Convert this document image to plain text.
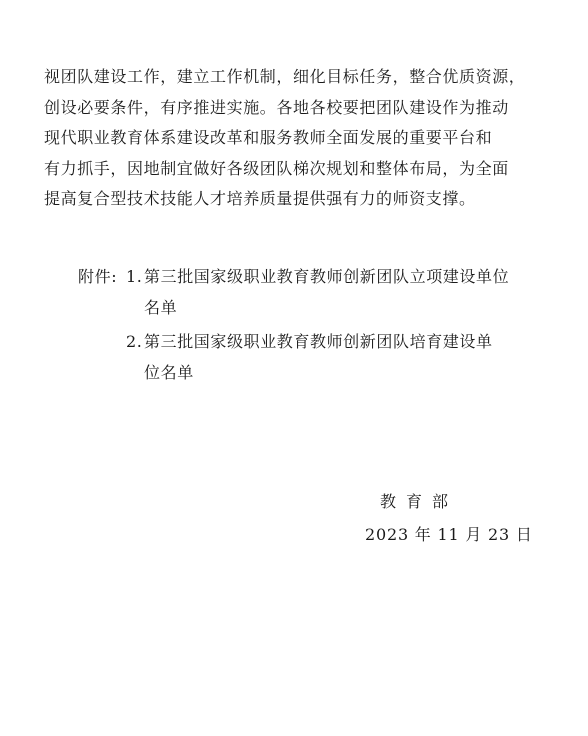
视团队建设工作，建立工作机制，细化目标任务，整合优质资源，
创设必要条件，有序推进实施。各地各校要把团队建设作为推动
现代职业教育体系建设改革和服务教师全面发展的重要平台和
有力抓手，因地制宜做好各级团队梯次规划和整体布局，为全面
提高复合型技术技能人才培养质量提供强有力的师资支撑。
附件: 1. 第三批国家级职业教育教师创新团队立项建设单位
名单
2. 第三批国家级职业教育教师创新团队培育建设单
位名单
教育部
2023 年 11 月 23 日
